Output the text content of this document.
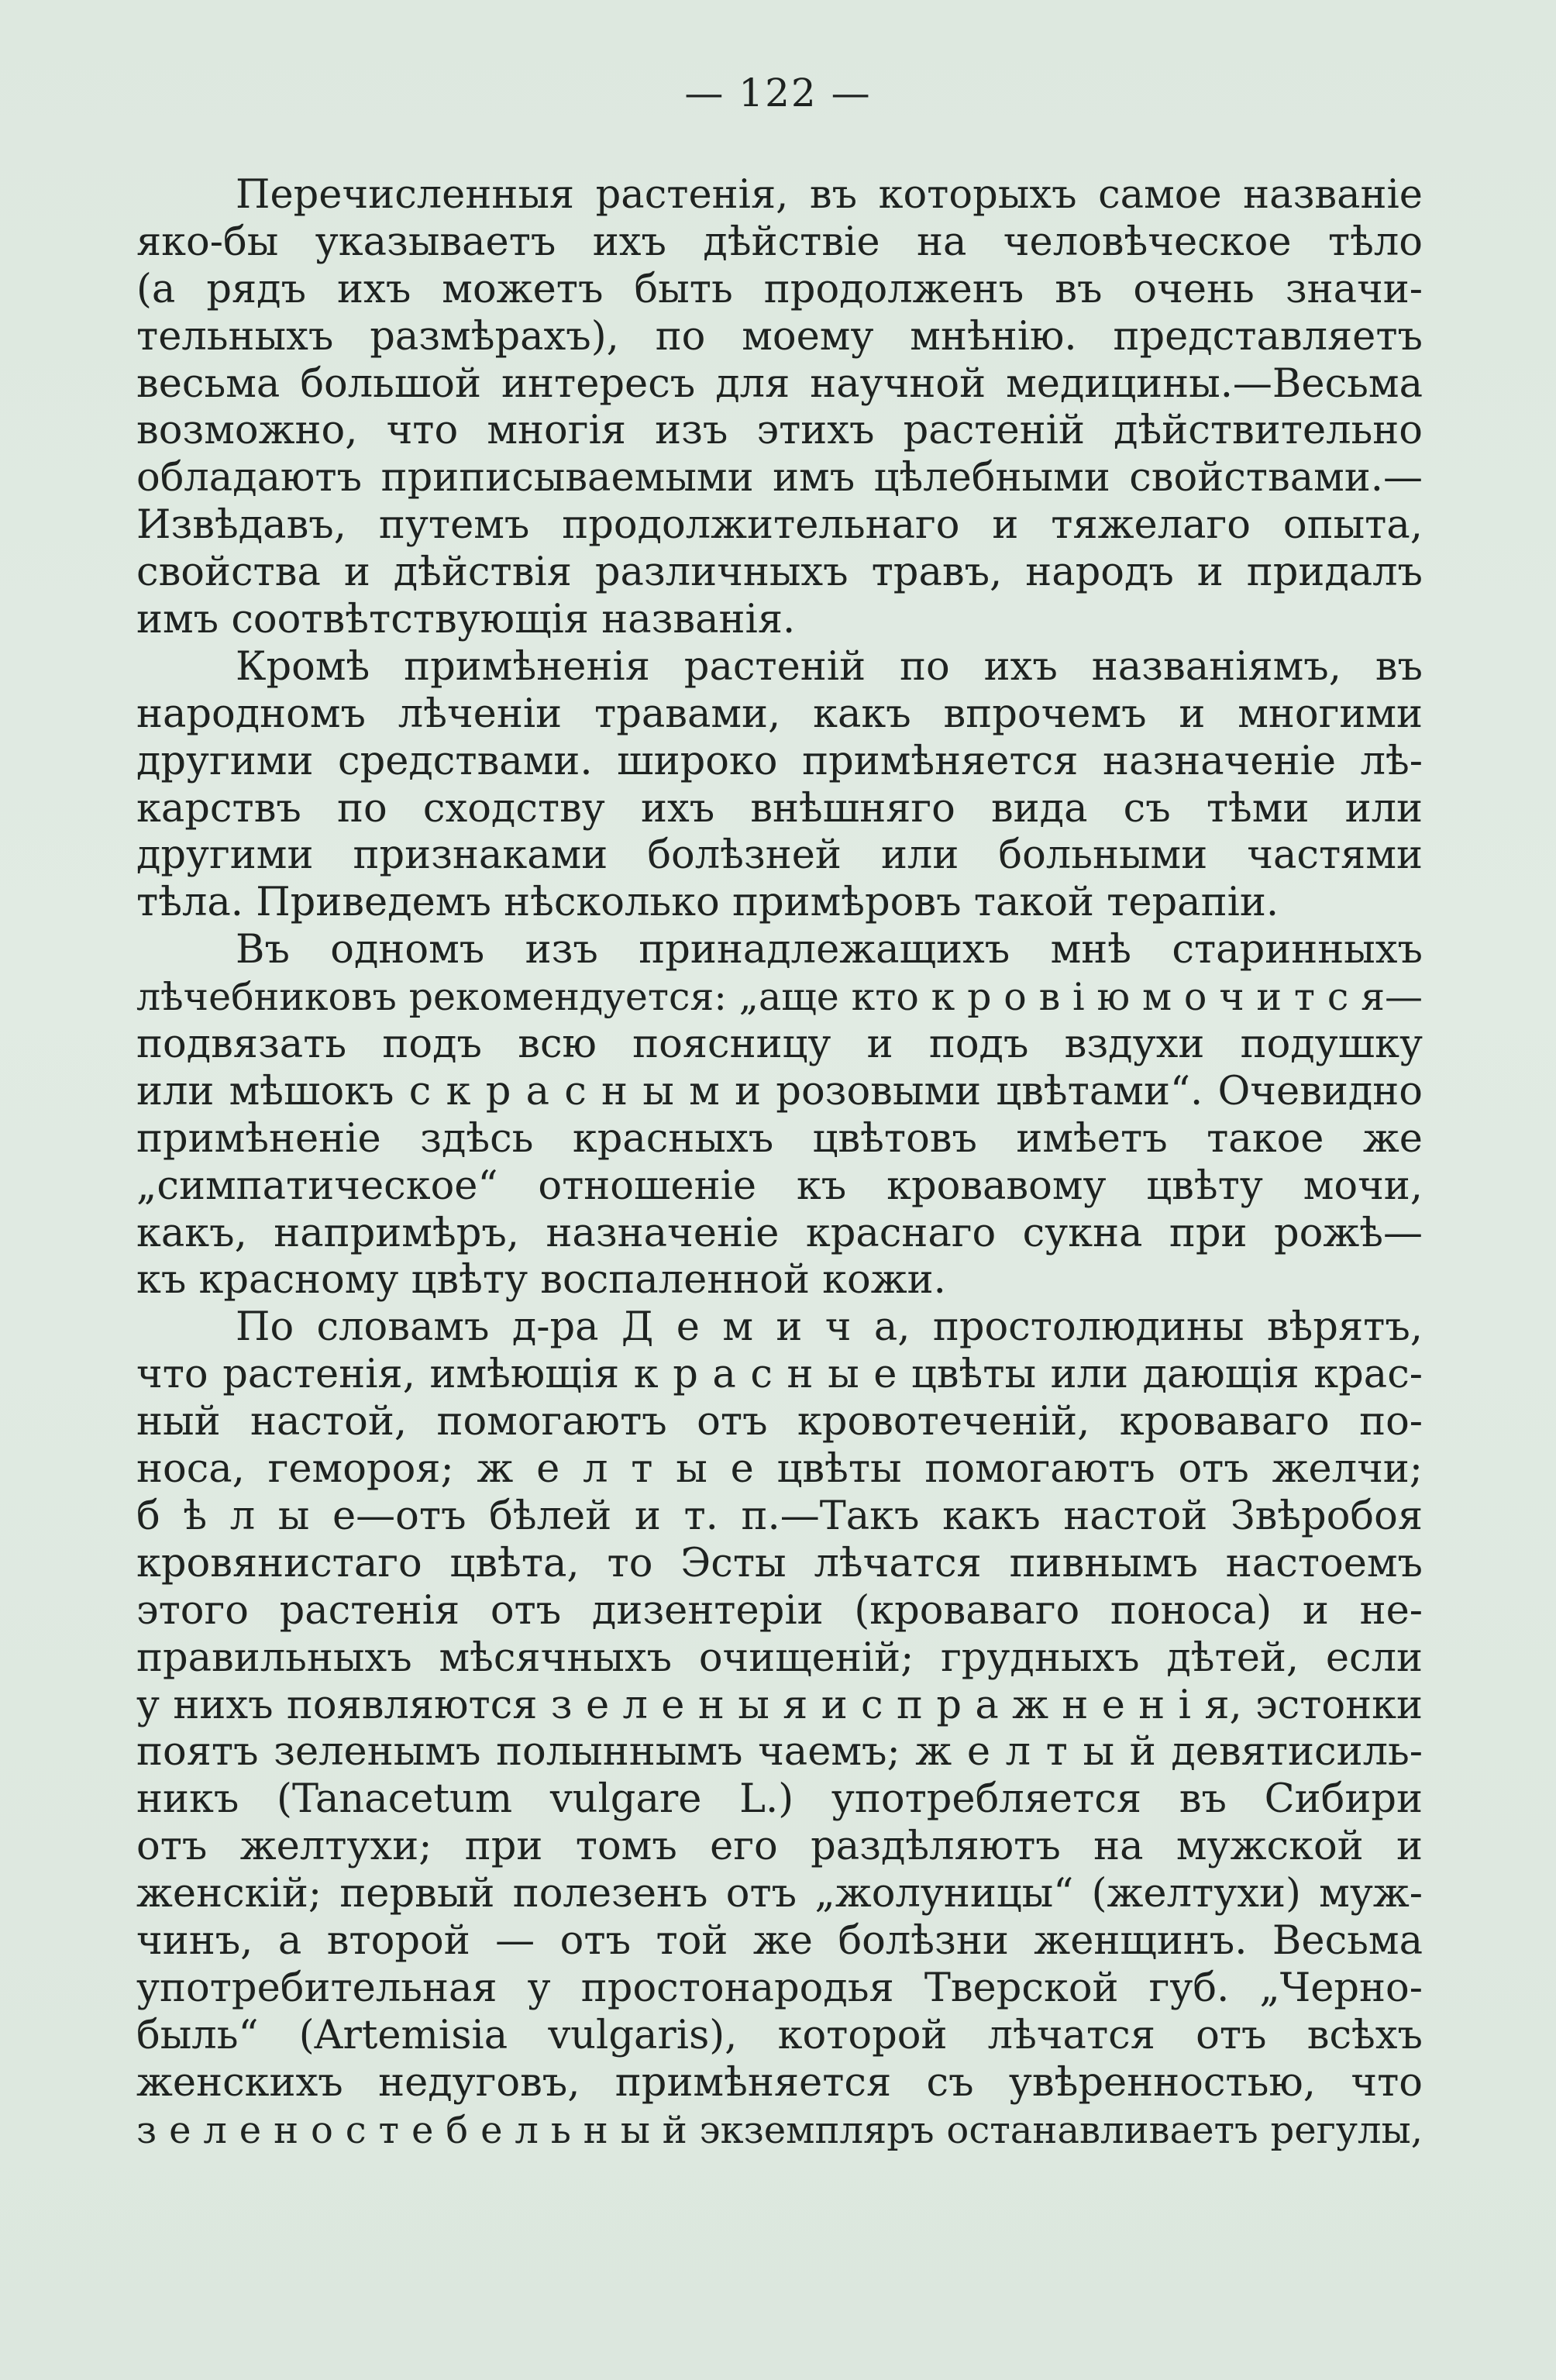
— 122 —
Перечисленныя растенія, въ которыхъ самое названіе
яко-бы указываетъ ихъ дѣйствіе на человѣческое тѣло
(а рядъ ихъ можетъ быть продолженъ въ очень значи-
тельныхъ размѣрахъ), по моему мнѣнію. представляетъ
весьма большой интересъ для научной медицины.—Весьма
возможно, что многія изъ этихъ растеній дѣйствительно
обладаютъ приписываемыми имъ цѣлебными свойствами.—
Извѣдавъ, путемъ продолжительнаго и тяжелаго опыта,
свойства и дѣйствія различныхъ травъ, народъ и придалъ
имъ соотвѣтствующія названія.
Кромѣ примѣненія растеній по ихъ названіямъ, въ
народномъ лѣченіи травами, какъ впрочемъ и многими
другими средствами. широко примѣняется назначеніе лѣ-
карствъ по сходству ихъ внѣшняго вида съ тѣми или
другими признаками болѣзней или больными частями
тѣла. Приведемъ нѣсколько примѣровъ такой терапіи.
Въ одномъ изъ принадлежащихъ мнѣ старинныхъ
лѣчебниковъ рекомендуется: „аще кто к р о в і ю м о ч и т с я—
подвязать подъ всю поясницу и подъ вздухи подушку
или мѣшокъ с к р а с н ы м и розовыми цвѣтами“. Очевидно
примѣненіе здѣсь красныхъ цвѣтовъ имѣетъ такое же
„симпатическое“ отношеніе къ кровавому цвѣту мочи,
какъ, напримѣръ, назначеніе краснаго сукна при рожѣ—
къ красному цвѣту воспаленной кожи.
По словамъ д-ра Д е м и ч а, простолюдины вѣрятъ,
что растенія, имѣющія к р а с н ы е цвѣты или дающія крас-
ный настой, помогаютъ отъ кровотеченій, кроваваго по-
носа, гемороя; ж е л т ы е цвѣты помогаютъ отъ желчи;
б ѣ л ы е—отъ бѣлей и т. п.—Такъ какъ настой Звѣробоя
кровянистаго цвѣта, то Эсты лѣчатся пивнымъ настоемъ
этого растенія отъ дизентеріи (кроваваго поноса) и не-
правильныхъ мѣсячныхъ очищеній; грудныхъ дѣтей, если
у нихъ появляются з е л е н ы я и с п р а ж н е н і я, эстонки
поятъ зеленымъ полыннымъ чаемъ; ж е л т ы й девятисиль-
никъ (Tanacetum vulgare L.) употребляется въ Сибири
отъ желтухи; при томъ его раздѣляютъ на мужской и
женскій; первый полезенъ отъ „жолуницы“ (желтухи) муж-
чинъ, а второй — отъ той же болѣзни женщинъ. Весьма
употребительная у простонародья Тверской губ. „Черно-
быль“ (Artemisia vulgaris), которой лѣчатся отъ всѣхъ
женскихъ недуговъ, примѣняется съ увѣренностью, что
з е л е н о с т е б е л ь н ы й экземпляръ останавливаетъ регулы,
